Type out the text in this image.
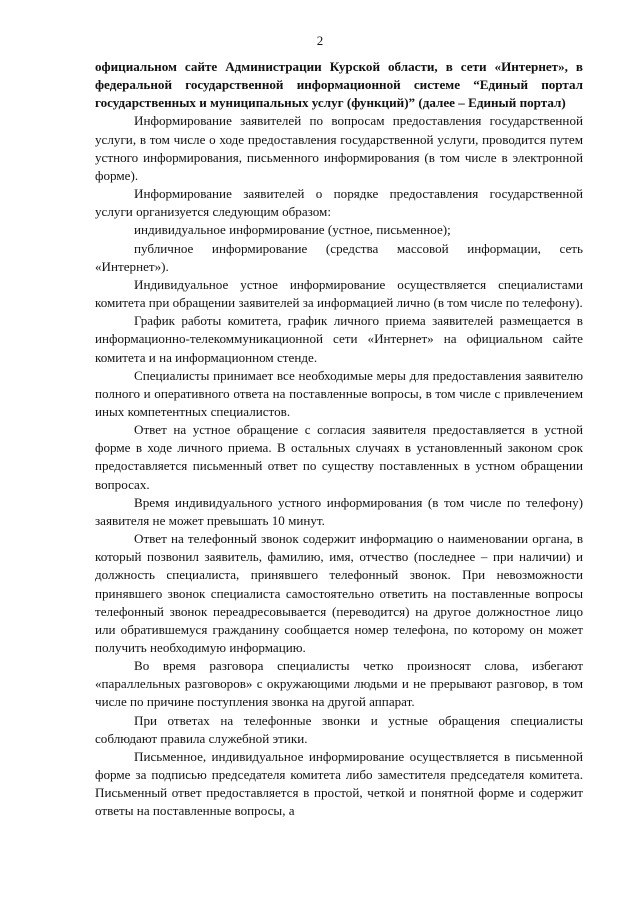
2

официальном сайте Администрации Курской области, в сети «Интернет», в федеральной государственной информационной системе “Единый портал государственных и муниципальных услуг (функций)” (далее – Единый портал)

Информирование заявителей по вопросам предоставления государственной услуги, в том числе о ходе предоставления государственной услуги, проводится путем устного информирования, письменного информирования (в том числе в электронной форме).

Информирование заявителей о порядке предоставления государственной услуги организуется следующим образом:

индивидуальное информирование (устное, письменное);

публичное информирование (средства массовой информации, сеть «Интернет»).

Индивидуальное устное информирование осуществляется специалистами комитета при обращении заявителей за информацией лично (в том числе по телефону).

График работы комитета, график личного приема заявителей размещается в информационно-телекоммуникационной сети «Интернет» на официальном сайте комитета и на информационном стенде.

Специалисты принимает все необходимые меры для предоставления заявителю полного и оперативного ответа на поставленные вопросы, в том числе с привлечением иных компетентных специалистов.

Ответ на устное обращение с согласия заявителя предоставляется в устной форме в ходе личного приема. В остальных случаях в установленный законом срок предоставляется письменный ответ по существу поставленных в устном обращении вопросах.

Время индивидуального устного информирования (в том числе по телефону) заявителя не может превышать 10 минут.

Ответ на телефонный звонок содержит информацию о наименовании органа, в который позвонил заявитель, фамилию, имя, отчество (последнее – при наличии) и должность специалиста, принявшего телефонный звонок. При невозможности принявшего звонок специалиста самостоятельно ответить на поставленные вопросы телефонный звонок переадресовывается (переводится) на другое должностное лицо или обратившемуся гражданину сообщается номер телефона, по которому он может получить необходимую информацию.

Во время разговора специалисты четко произносят слова, избегают «параллельных разговоров» с окружающими людьми и не прерывают разговор, в том числе по причине поступления звонка на другой аппарат.

При ответах на телефонные звонки и устные обращения специалисты соблюдают правила служебной этики.

Письменное, индивидуальное информирование осуществляется в письменной форме за подписью председателя комитета либо заместителя председателя комитета. Письменный ответ предоставляется в простой, четкой и понятной форме и содержит ответы на поставленные вопросы, а
